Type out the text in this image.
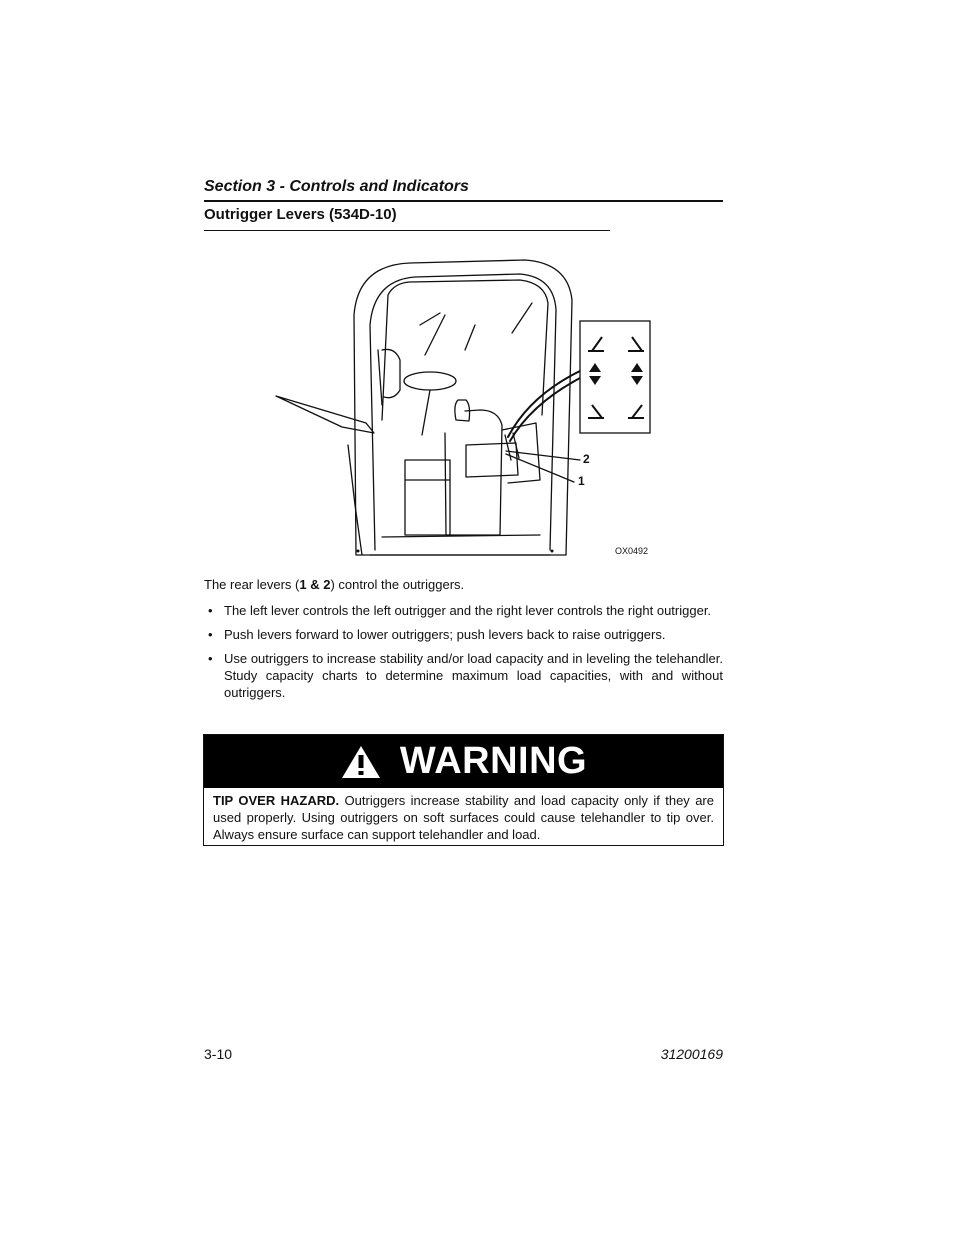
Section 3 - Controls and Indicators
Outrigger Levers (534D-10)
2
1
OX0492
The rear levers (1 & 2) control the outriggers.
• The left lever controls the left outrigger and the right lever controls the right outrigger.
• Push levers forward to lower outriggers; push levers back to raise outriggers.
• Use outriggers to increase stability and/or load capacity and in leveling the telehandler. Study capacity charts to determine maximum load capacities, with and without outriggers.
WARNING
TIP OVER HAZARD. Outriggers increase stability and load capacity only if they are used properly. Using outriggers on soft surfaces could cause telehandler to tip over. Always ensure surface can support telehandler and load.
3-10	31200169
